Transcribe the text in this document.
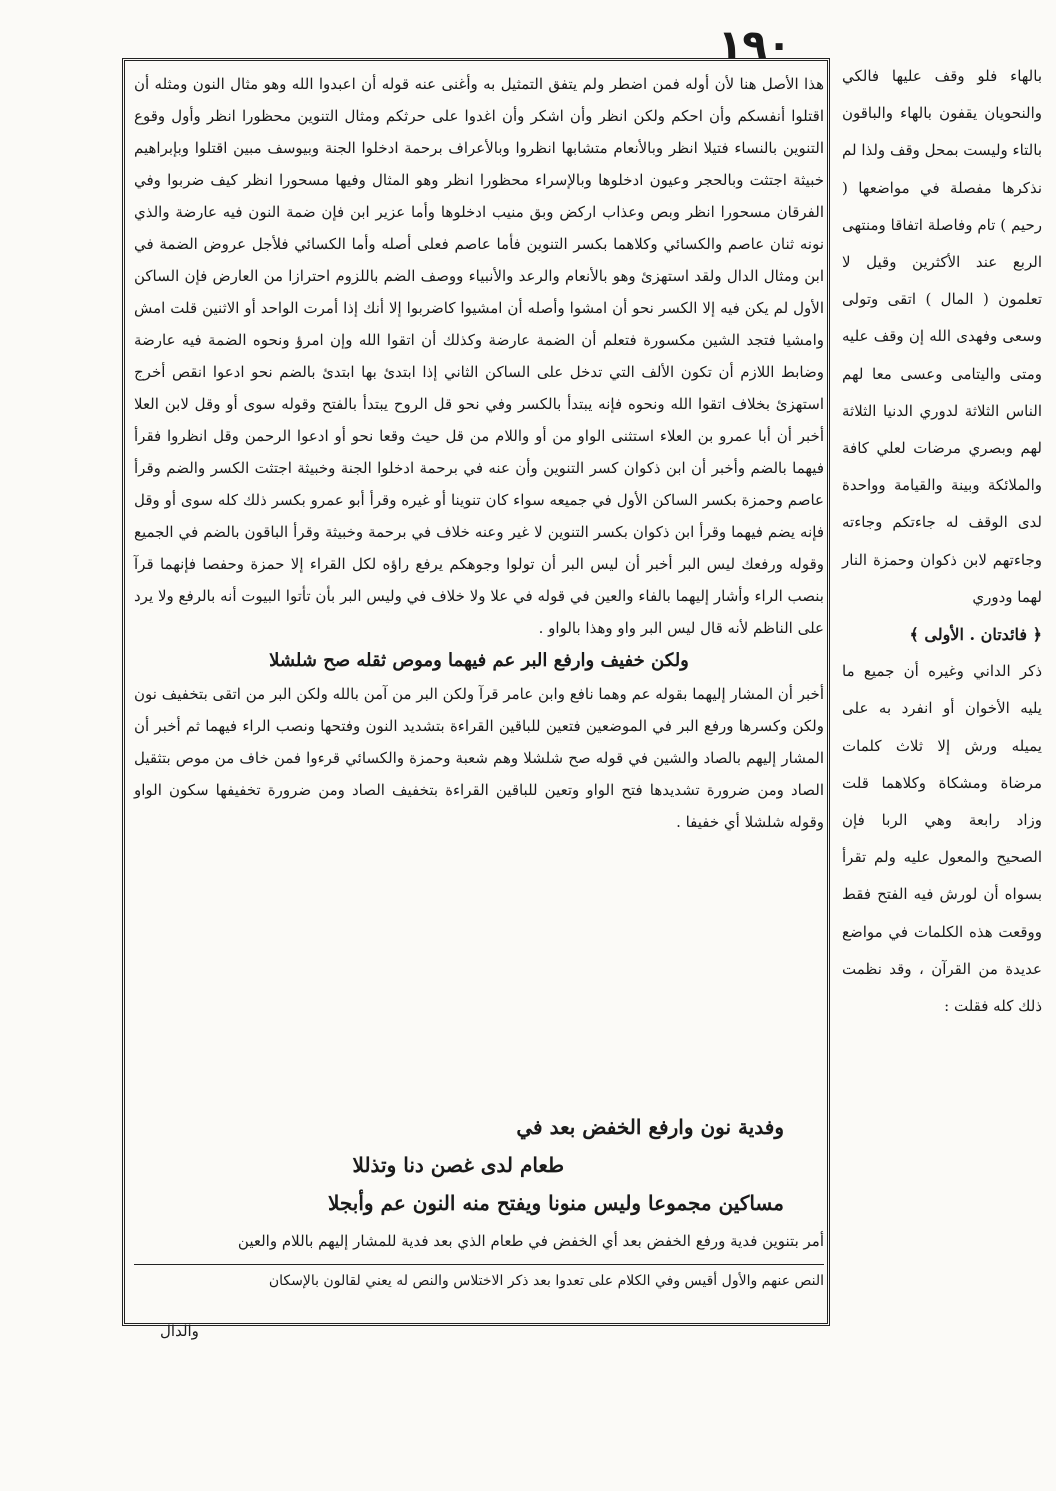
١٩٠

هذا الأصل هنا لأن أوله فمن اضطر ولم يتفق التمثيل به وأغنى عنه قوله أن اعبدوا الله وهو مثال النون ومثله أن اقتلوا أنفسكم وأن احكم ولكن انظر وأن اشكر وأن اغدوا على حرثكم ومثال التنوين محظورا انظر وأول وقوع التنوين بالنساء فتيلا انظر وبالأنعام متشابها انظروا وبالأعراف برحمة ادخلوا الجنة وبيوسف مبين اقتلوا وبإبراهيم خبيثة اجتثت وبالحجر وعيون ادخلوها وبالإسراء محظورا انظر وهو المثال وفيها مسحورا انظر كيف ضربوا وفي الفرقان مسحورا انظر وبص وعذاب اركض وبق منيب ادخلوها وأما عزير ابن فإن ضمة النون فيه عارضة والذي نونه ثنان عاصم والكسائي وكلاهما بكسر التنوين فأما عاصم فعلى أصله وأما الكسائي فلأجل عروض الضمة في ابن ومثال الدال ولقد استهزئ وهو بالأنعام والرعد والأنبياء ووصف الضم باللزوم احترازا من العارض فإن الساكن الأول لم يكن فيه إلا الكسر نحو أن امشوا وأصله أن امشيوا كاضربوا إلا أنك إذا أمرت الواحد أو الاثنين قلت امش وامشيا فتجد الشين مكسورة فتعلم أن الضمة عارضة وكذلك أن اتقوا الله وإن امرؤ ونحوه الضمة فيه عارضة وضابط اللازم أن تكون الألف التي تدخل على الساكن الثاني إذا ابتدئ بها ابتدئ بالضم نحو ادعوا انقص أخرج استهزئ بخلاف اتقوا الله ونحوه فإنه يبتدأ بالكسر وفي نحو قل الروح يبتدأ بالفتح وقوله سوى أو وقل لابن العلا أخبر أن أبا عمرو بن العلاء استثنى الواو من أو واللام من قل حيث وقعا نحو أو ادعوا الرحمن وقل انظروا فقرأ فيهما بالضم وأخبر أن ابن ذكوان كسر التنوين وأن عنه في برحمة ادخلوا الجنة وخبيثة اجتثت الكسر والضم وقرأ عاصم وحمزة بكسر الساكن الأول في جميعه سواء كان تنوينا أو غيره وقرأ أبو عمرو بكسر ذلك كله سوى أو وقل فإنه يضم فيهما وقرأ ابن ذكوان بكسر التنوين لا غير وعنه خلاف في برحمة وخبيثة وقرأ الباقون بالضم في الجميع وقوله ورفعك ليس البر أخبر أن ليس البر أن تولوا وجوهكم يرفع راؤه لكل القراء إلا حمزة وحفصا فإنهما قرآ بنصب الراء وأشار إليهما بالفاء والعين في قوله في علا ولا خلاف في وليس البر بأن تأتوا البيوت أنه بالرفع ولا يرد على الناظم لأنه قال ليس البر واو وهذا بالواو .

ولكن خفيف وارفع البر عم فيهما وموص ثقله صح شلشلا

أخبر أن المشار إليهما بقوله عم وهما نافع وابن عامر قرآ ولكن البر من آمن بالله ولكن البر من اتقى بتخفيف نون ولكن وكسرها ورفع البر في الموضعين فتعين للباقين القراءة بتشديد النون وفتحها ونصب الراء فيهما ثم أخبر أن المشار إليهم بالصاد والشين في قوله صح شلشلا وهم شعبة وحمزة والكسائي قرءوا فمن خاف من موص بتثقيل الصاد ومن ضرورة تشديدها فتح الواو وتعين للباقين القراءة بتخفيف الصاد ومن ضرورة تخفيفها سكون الواو وقوله شلشلا أي خفيفا .

وفدية نون وارفع الخفض بعد في
طعام لدى غصن دنا وتذللا
مساكين مجموعا وليس منونا ويفتح منه النون عم وأبجلا
أمر بتنوين فدية ورفع الخفض بعد أي الخفض في طعام الذي بعد فدية للمشار إليهم باللام والعين
النص عنهم والأول أقيس وفي الكلام على تعدوا بعد ذكر الاختلاس والنص له يعني لقالون بالإسكان
والدال

بالهاء فلو وقف عليها فالكي والنحويان يقفون بالهاء والباقون بالتاء وليست بمحل وقف ولذا لم نذكرها مفصلة في مواضعها ( رحيم ) تام وفاصلة اتفاقا ومنتهى الربع عند الأكثرين وقيل لا تعلمون ( المال ) اتقى وتولى وسعى وفهدى الله إن وقف عليه ومتى واليتامى وعسى معا لهم الناس الثلاثة لدوري الدنيا الثلاثة لهم وبصري مرضات لعلي كافة والملائكة وبينة والقيامة وواحدة لدى الوقف له جاءتكم وجاءته وجاءتهم لابن ذكوان وحمزة النار لهما ودوري

﴿ فائدتان . الأولى ﴾

ذكر الداني وغيره أن جميع ما يليه الأخوان أو انفرد به على يميله ورش إلا ثلاث كلمات مرضاة ومشكاة وكلاهما قلت وزاد رابعة وهي الربا فإن الصحيح والمعول عليه ولم تقرأ بسواه أن لورش فيه الفتح فقط ووقعت هذه الكلمات في مواضع عديدة من القرآن ، وقد نظمت ذلك كله فقلت :
